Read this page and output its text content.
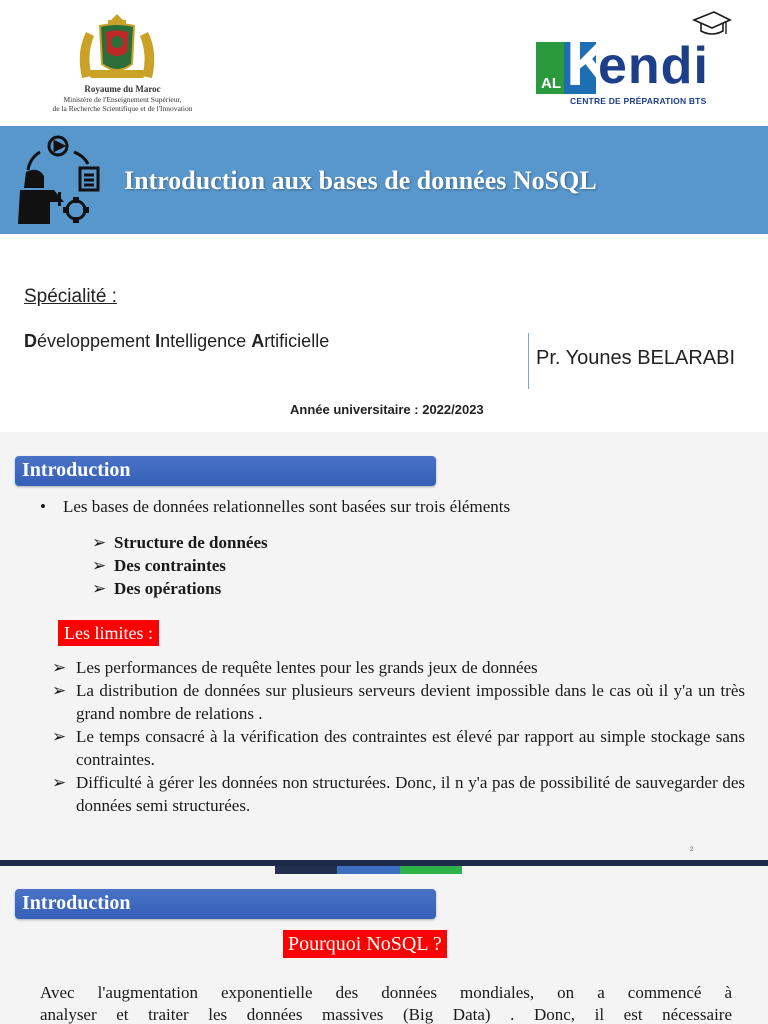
Royaume du Maroc
Ministère de l'Enseignement Supérieur,
de la Recherche Scientifique et de l'Innovation
AL K
endi
CENTRE DE PRÉPARATION BTS
Introduction aux bases de données NoSQL
Spécialité :
Développement Intelligence Artificielle
Pr. Younes BELARABI
Année universitaire : 2022/2023
Introduction
• Les bases de données relationnelles sont basées sur trois éléments
➢ Structure de données
➢ Des contraintes
➢ Des opérations
Les limites :
➢ Les performances de requête lentes pour les grands jeux de données
➢ La distribution de données sur plusieurs serveurs devient impossible dans le cas où il y'a un très grand nombre de relations .
➢ Le temps consacré à la vérification des contraintes est élevé par rapport au simple stockage sans contraintes.
➢ Difficulté à gérer les données non structurées. Donc, il n y'a pas de possibilité de sauvegarder des données semi structurées.
2
Introduction
Pourquoi NoSQL ?
Avec l'augmentation exponentielle des données mondiales, on a commencé à
analyser et traiter les données massives (Big Data) . Donc, il est nécessaire
